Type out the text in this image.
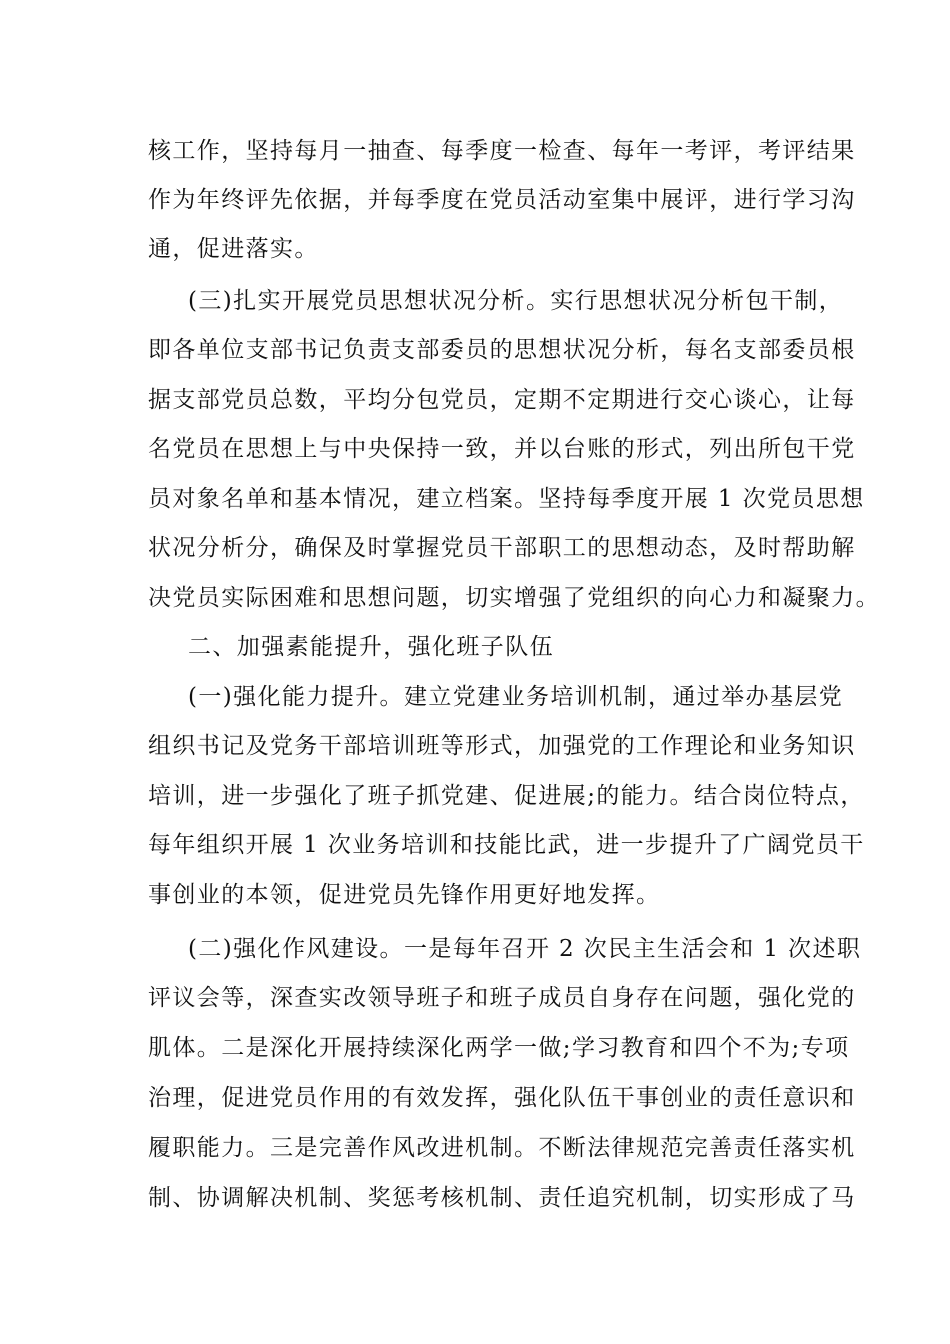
核工作，坚持每月一抽查、每季度一检查、每年一考评，考评结果
作为年终评先依据，并每季度在党员活动室集中展评，进行学习沟
通，促进落实。
(三)扎实开展党员思想状况分析。实行思想状况分析包干制，
即各单位支部书记负责支部委员的思想状况分析，每名支部委员根
据支部党员总数，平均分包党员，定期不定期进行交心谈心，让每
名党员在思想上与中央保持一致，并以台账的形式，列出所包干党
员对象名单和基本情况，建立档案。坚持每季度开展 1 次党员思想
状况分析分，确保及时掌握党员干部职工的思想动态，及时帮助解
决党员实际困难和思想问题，切实增强了党组织的向心力和凝聚力。
二、加强素能提升，强化班子队伍
(一)强化能力提升。建立党建业务培训机制，通过举办基层党
组织书记及党务干部培训班等形式，加强党的工作理论和业务知识
培训，进一步强化了班子抓党建、促进展;的能力。结合岗位特点，
每年组织开展 1 次业务培训和技能比武，进一步提升了广阔党员干
事创业的本领，促进党员先锋作用更好地发挥。
(二)强化作风建设。一是每年召开 2 次民主生活会和 1 次述职
评议会等，深查实改领导班子和班子成员自身存在问题，强化党的
肌体。二是深化开展持续深化两学一做;学习教育和四个不为;专项
治理，促进党员作用的有效发挥，强化队伍干事创业的责任意识和
履职能力。三是完善作风改进机制。不断法律规范完善责任落实机
制、协调解决机制、奖惩考核机制、责任追究机制，切实形成了马
